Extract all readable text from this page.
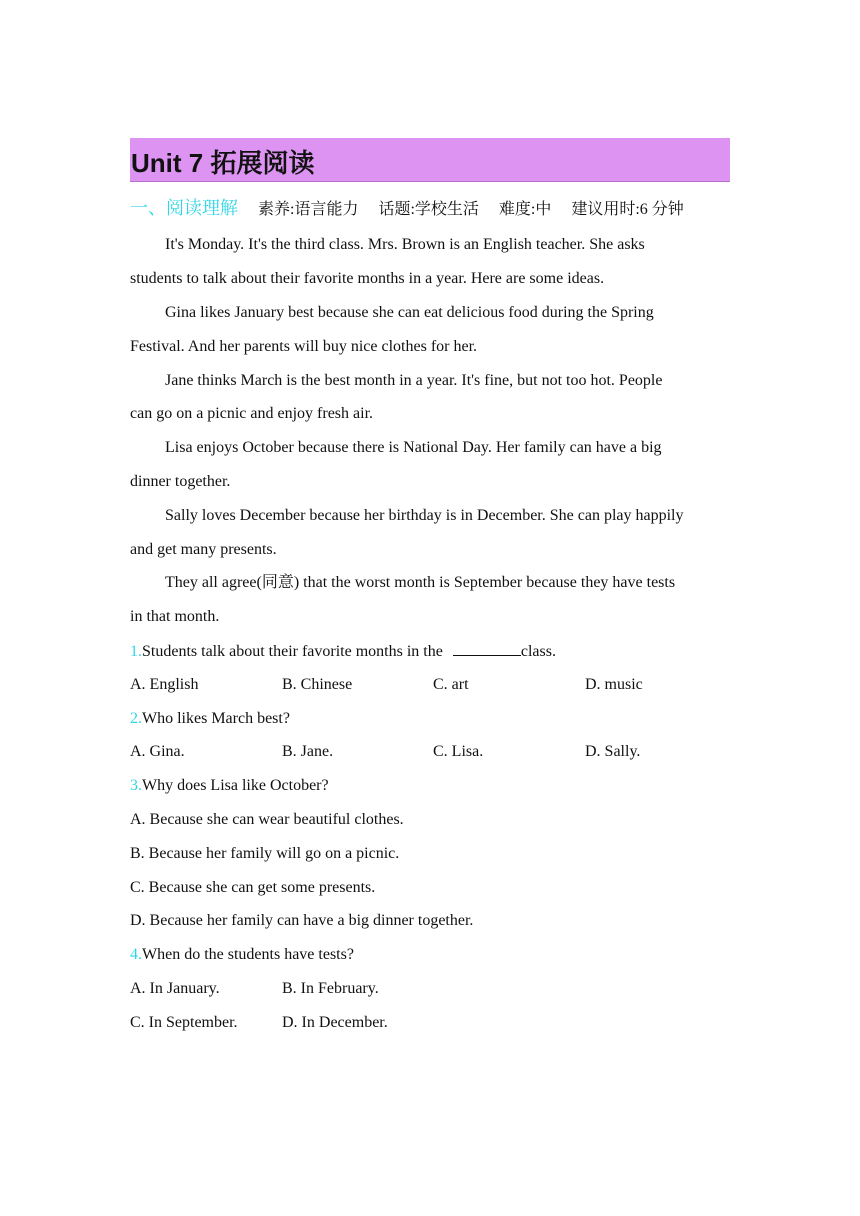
Unit 7 拓展阅读
一、阅读理解 素养:语言能力 话题:学校生活 难度:中 建议用时:6 分钟
It's Monday. It's the third class. Mrs. Brown is an English teacher. She asks
students to talk about their favorite months in a year. Here are some ideas.
Gina likes January best because she can eat delicious food during the Spring
Festival. And her parents will buy nice clothes for her.
Jane thinks March is the best month in a year. It's fine, but not too hot. People
can go on a picnic and enjoy fresh air.
Lisa enjoys October because there is National Day. Her family can have a big
dinner together.
Sally loves December because her birthday is in December. She can play happily
and get many presents.
They all agree(同意) that the worst month is September because they have tests
in that month.
1.Students talk about their favorite months in the	class.
A. English	B. Chinese	C. art	D. music
2.Who likes March best?
A. Gina.	B. Jane.	C. Lisa.	D. Sally.
3.Why does Lisa like October?
A. Because she can wear beautiful clothes.
B. Because her family will go on a picnic.
C. Because she can get some presents.
D. Because her family can have a big dinner together.
4.When do the students have tests?
A. In January.	B. In February.
C. In September.	D. In December.
